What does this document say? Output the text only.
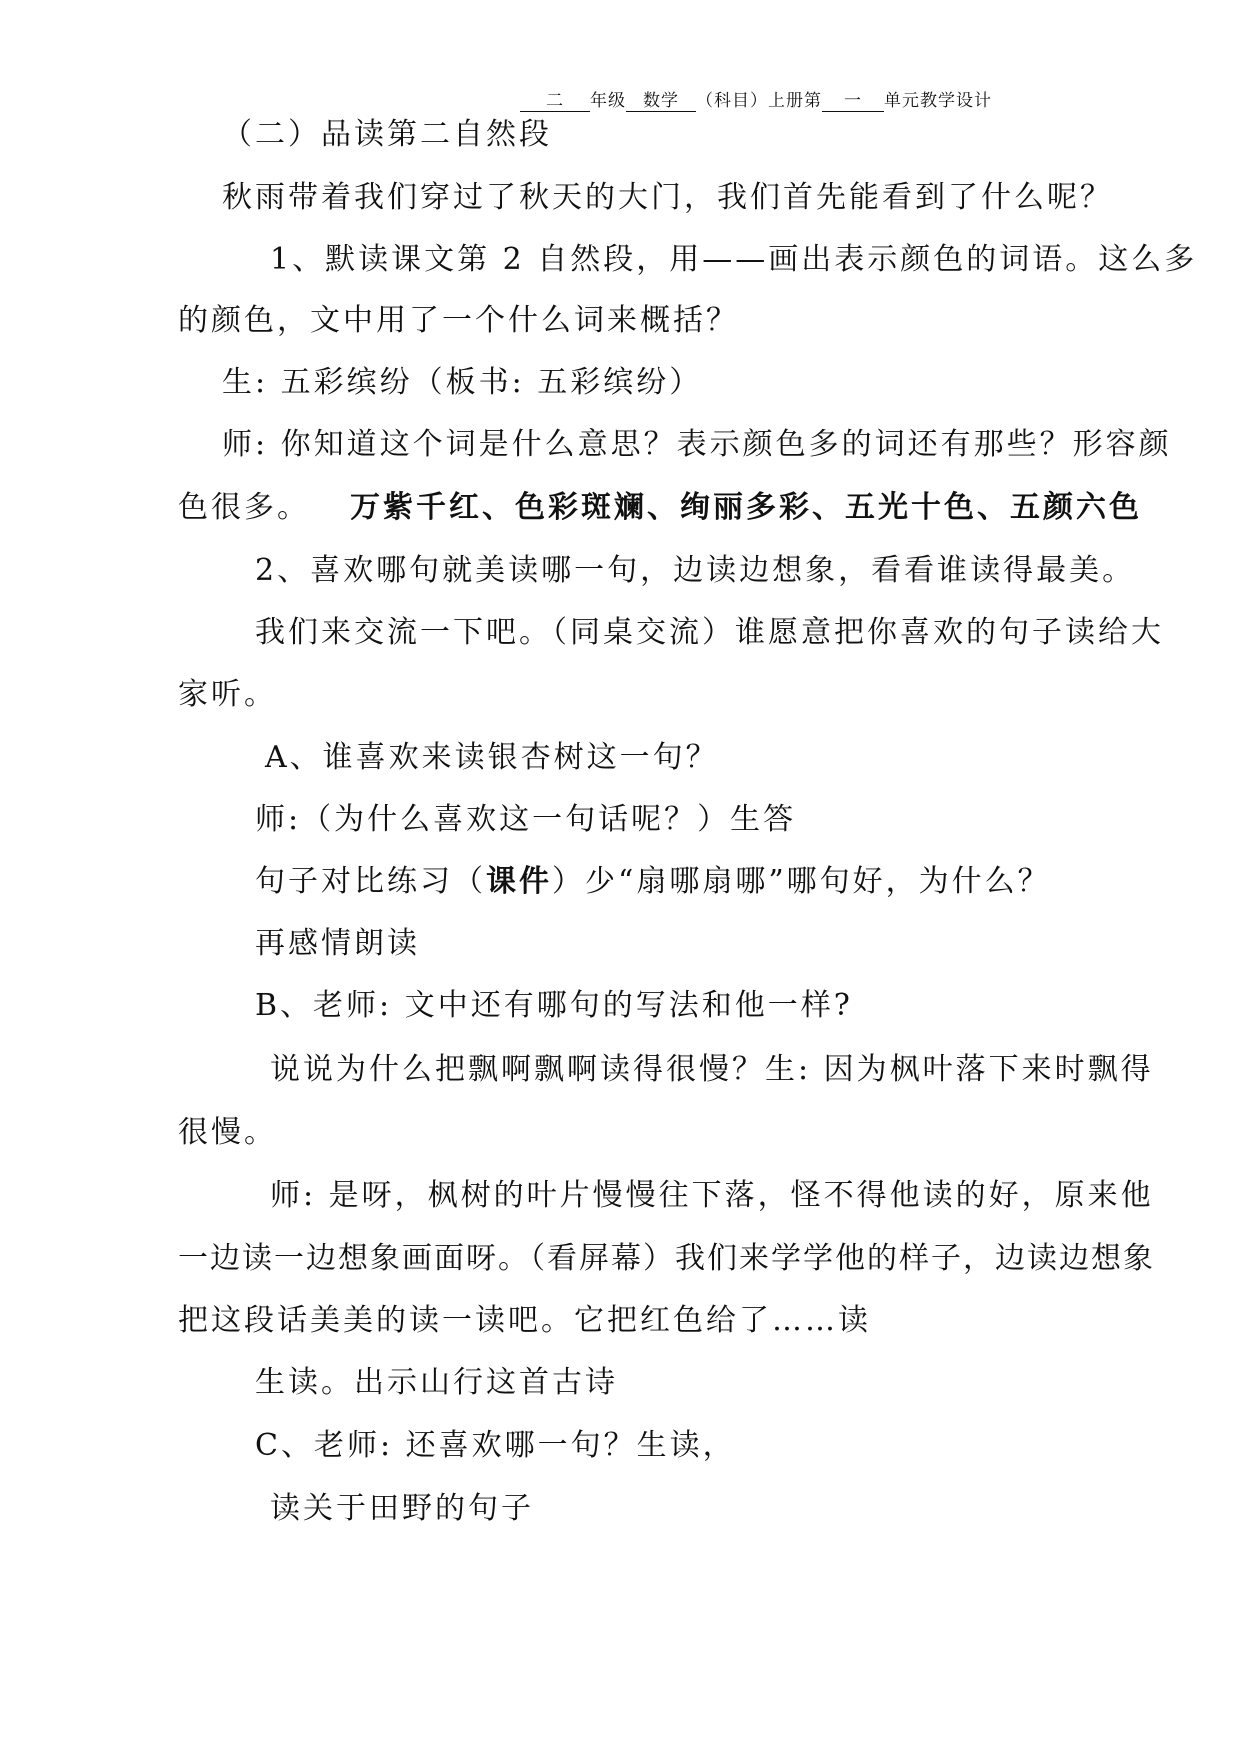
二 年级 数学 （科目）上册第 一 单元教学设计
（二）品读第二自然段
秋雨带着我们穿过了秋天的大门，我们首先能看到了什么呢？
1、默读课文第 2 自然段，用——画出表示颜色的词语。这么多
的颜色，文中用了一个什么词来概括？
生: 五彩缤纷（板书: 五彩缤纷）
师: 你知道这个词是什么意思？表示颜色多的词还有那些？形容颜
色很多。 万紫千红、色彩斑斓、绚丽多彩、五光十色、五颜六色
2、喜欢哪句就美读哪一句，边读边想象，看看谁读得最美。
我们来交流一下吧。（同桌交流）谁愿意把你喜欢的句子读给大
家听。
A、谁喜欢来读银杏树这一句？
师:（为什么喜欢这一句话呢？）生答
句子对比练习（课件）少“扇哪扇哪”哪句好，为什么？
再感情朗读
B、老师: 文中还有哪句的写法和他一样?
说说为什么把飘啊飘啊读得很慢？生: 因为枫叶落下来时飘得
很慢。
师: 是呀，枫树的叶片慢慢往下落，怪不得他读的好，原来他
一边读一边想象画面呀。（看屏幕）我们来学学他的样子，边读边想象
把这段话美美的读一读吧。它把红色给了……读
生读。出示山行这首古诗
C、老师: 还喜欢哪一句？生读，
读关于田野的句子
